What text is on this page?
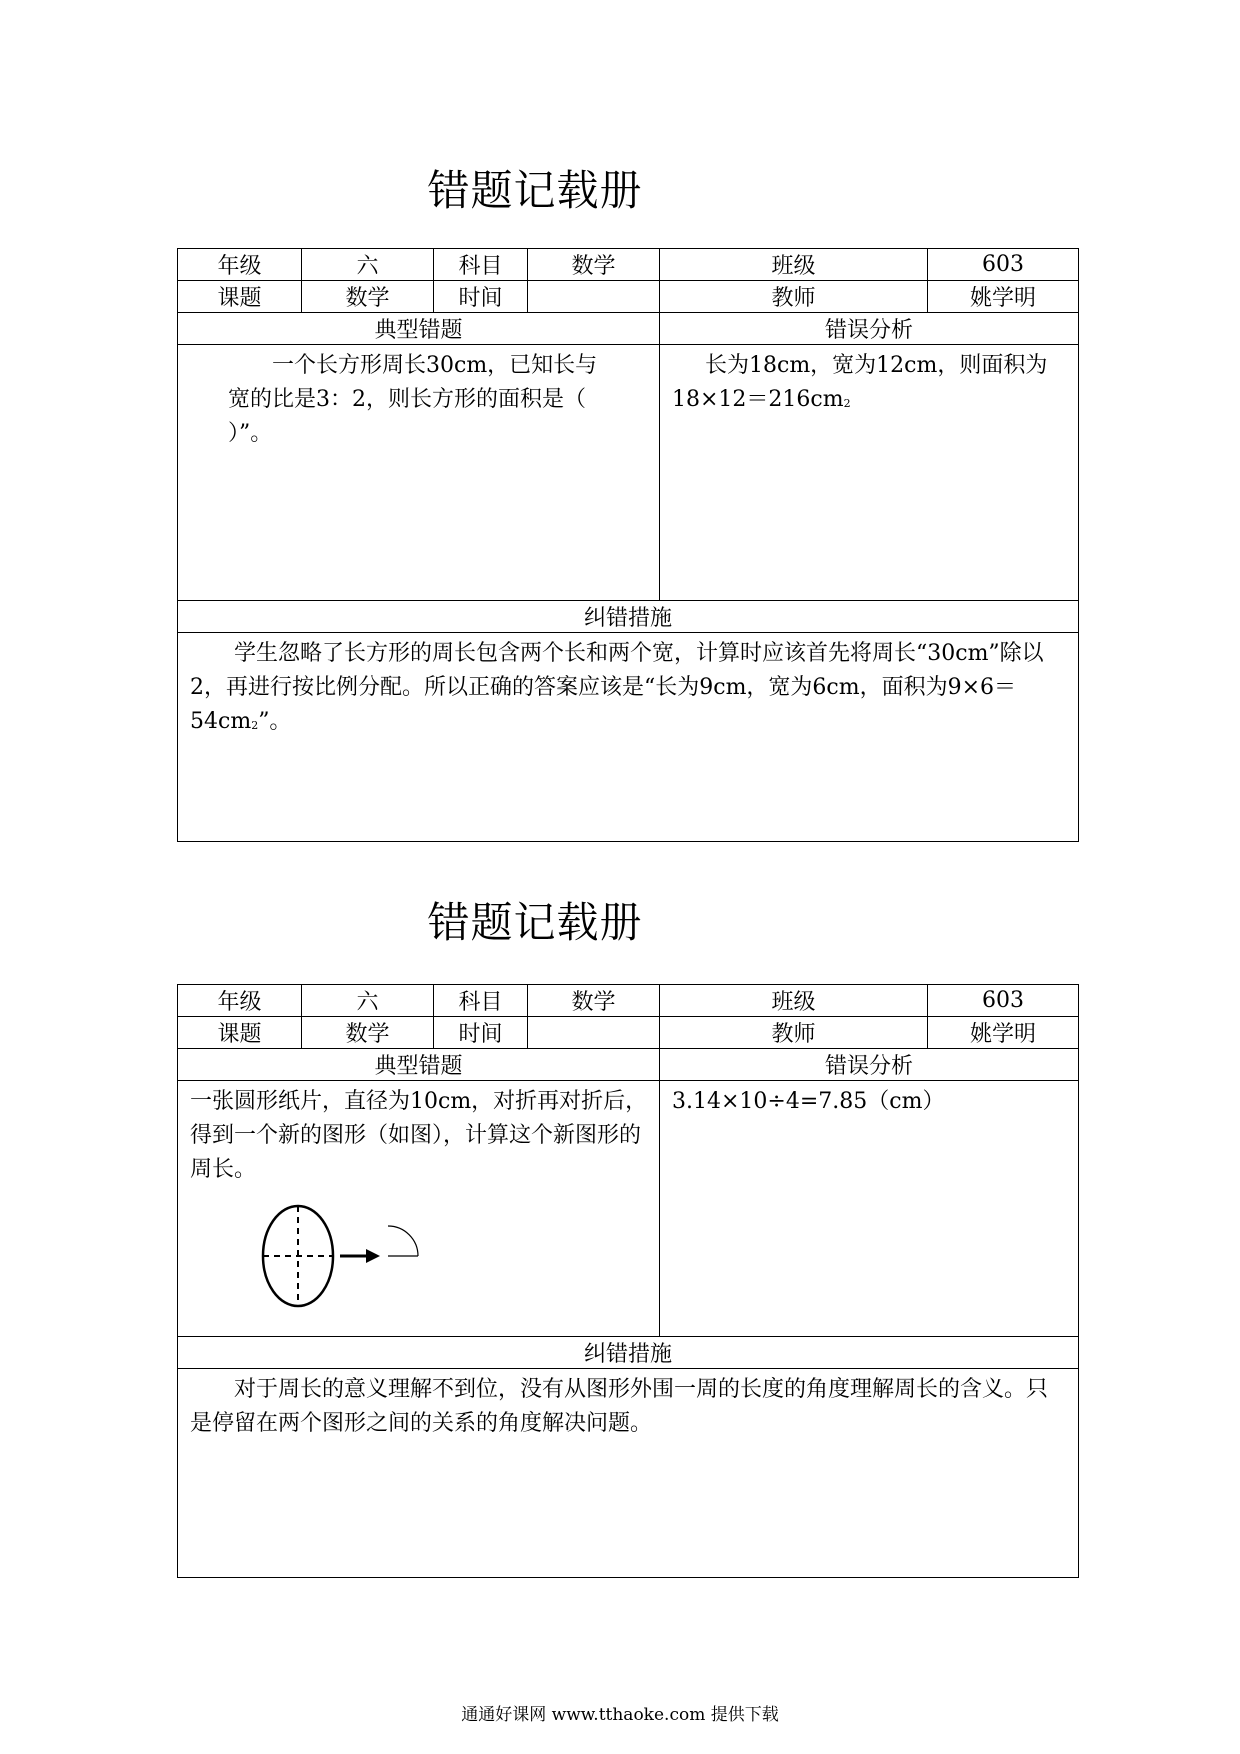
错题记载册
年级	六	科目	数学	班级	603
课题	数学	时间		教师	姚学明
典型错题				错误分析	

一个长方形周长30cm，已知长与宽的比是3：2，则长方形的面积是（ ）”。				长为18cm，宽为12cm，则面积为$18\times 12=216cm^2$

纠错措施					

学生忽略了长方形的周长包含两个长和两个宽，计算时应该首先将周长“30cm”除以2，再进行按比例分配。所以正确的答案应该是“长为9cm，宽为6cm，面积为$9\times 6=54cm^2$”。					
错题记载册
年级	六	科目	数学	班级	603
课题	数学	时间		教师	姚学明
典型错题				错误分析	

一张圆形纸片，直径为10cm，对折再对折后，得到一个新的图形（如图），计算这个新图形的周长。				3.14×10÷4=7.85（cm）	

纠错措施					

对于周长的意义理解不到位，没有从图形外围一周的长度的角度理解周长的含义。只是停留在两个图形之间的关系的角度解决问题。					
通通好课网 www.tthaoke.com 提供下载
